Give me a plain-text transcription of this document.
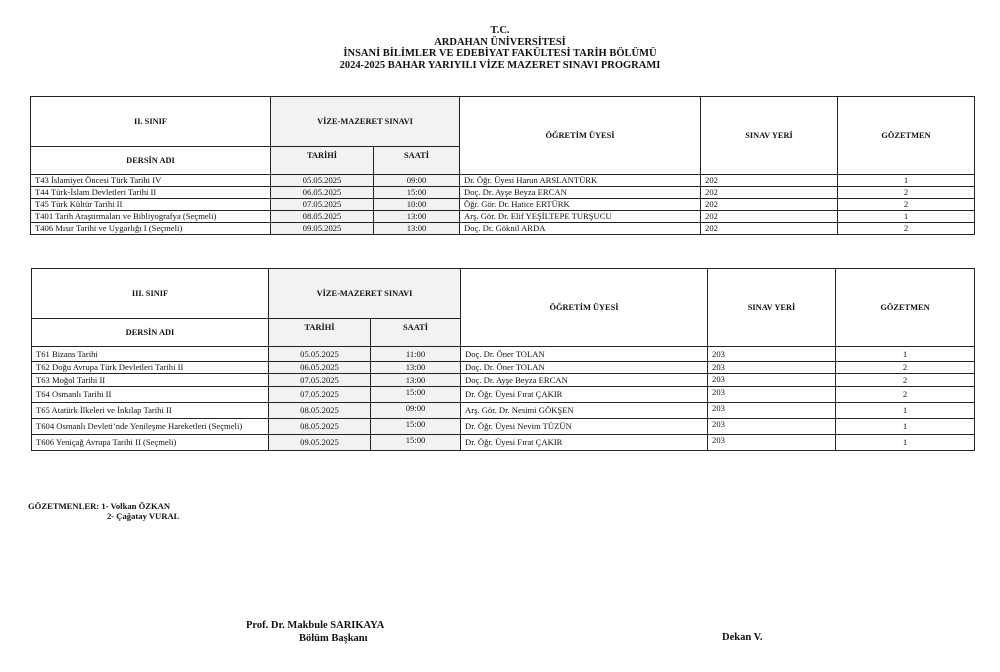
T.C.
ARDAHAN ÜNİVERSİTESİ
İNSANİ BİLİMLER VE EDEBİYAT FAKÜLTESİ TARİH BÖLÜMÜ
2024-2025 BAHAR YARIYILI VİZE MAZERET SINAVI PROGRAMI
II. SINIF	VİZE-MAZERET SINAVI		ÖĞRETİM ÜYESİ	SINAV YERİ	GÖZETMEN
DERSİN ADI	TARİHİ	SAATİ			
T43 İslamiyet Öncesi Türk Tarihi IV	05.05.2025	09:00	Dr. Öğr. Üyesi Harun ARSLANTÜRK	202	1
T44 Türk-İslam Devletleri Tarihi II	06.05.2025	15:00	Doç. Dr. Ayşe Beyza ERCAN	202	2
T45 Türk Kültür Tarihi II	07.05.2025	10:00	Öğr. Gör. Dr. Hatice ERTÜRK	202	2
T401 Tarih Araştırmaları ve Bibliyografya (Seçmeli)	08.05.2025	13:00	Arş. Gör. Dr. Elif YEŞİLTEPE TURŞUCU	202	1
T406 Mısır Tarihi ve Uygarlığı I (Seçmeli)	09.05.2025	13:00	Doç. Dr. Göknil ARDA	202	2
III. SINIF	VİZE-MAZERET SINAVI		ÖĞRETİM ÜYESİ	SINAV YERİ	GÖZETMEN
DERSİN ADI	TARİHİ	SAATİ			
T61 Bizans Tarihi	05.05.2025	11:00	Doç. Dr. Öner TOLAN	203	1
T62 Doğu Avrupa Türk Devletleri Tarihi II	06.05.2025	13:00	Doç. Dr. Öner TOLAN	203	2
T63 Moğol Tarihi II	07.05.2025	13:00	Doç. Dr. Ayşe Beyza ERCAN	203	2
T64 Osmanlı Tarihi II	07.05.2025	15:00	Dr. Öğr. Üyesi Fırat ÇAKIR	203	2
T65 Atatürk İlkeleri ve İnkılap Tarihi II	08.05.2025	09:00	Arş. Gör. Dr. Nesimi GÖKŞEN	203	1
T604 Osmanlı Devleti’nde Yenileşme Hareketleri (Seçmeli)	08.05.2025	15:00	Dr. Öğr. Üyesi Nevim TÜZÜN	203	1
T606 Yeniçağ Avrupa Tarihi II (Seçmeli)	09.05.2025	15:00	Dr. Öğr. Üyesi Fırat ÇAKIR	203	1
GÖZETMENLER: 1- Volkan ÖZKAN
2- Çağatay VURAL
Prof. Dr. Makbule SARIKAYA
Bölüm Başkanı	Dekan V.
